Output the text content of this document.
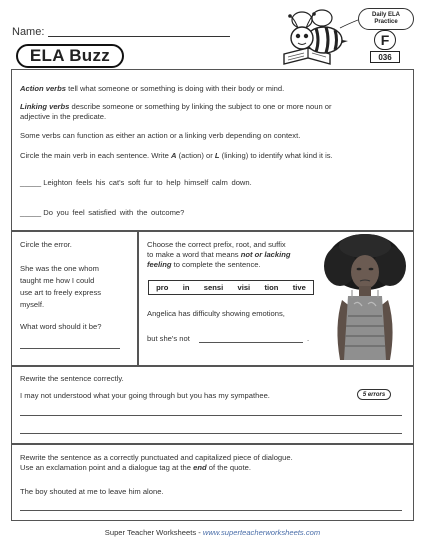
Name:
ELA Buzz
Daily ELA
Practice
F
036
Action verbs tell what someone or something is doing with their body or mind.
Linking verbs describe someone or something by linking the subject to one or more noun or
adjective in the predicate.
Some verbs can function as either an action or a linking verb depending on context.
Circle the main verb in each sentence. Write A (action) or L (linking) to identify what kind it is.
_____ Leighton feels his cat's soft fur to help himself calm down.
_____ Do you feel satisfied with the outcome?
Circle the error.
She was the one whom
taught me how I could
use art to freely express
myself.
What word should it be?
Choose the correct prefix, root, and suffix
to make a word that means not or lacking
feeling to complete the sentence.
pro in sensi visi tion tive
Angelica has difficulty showing emotions,
but she's not	.
Rewrite the sentence correctly.
I may not understood what your going through but you has my sympathee.	5 errors
Rewrite the sentence as a correctly punctuated and capitalized piece of dialogue.
Use an exclamation point and a dialogue tag at the end of the quote.
The boy shouted at me to leave him alone.
Super Teacher Worksheets - www.superteacherworksheets.com
